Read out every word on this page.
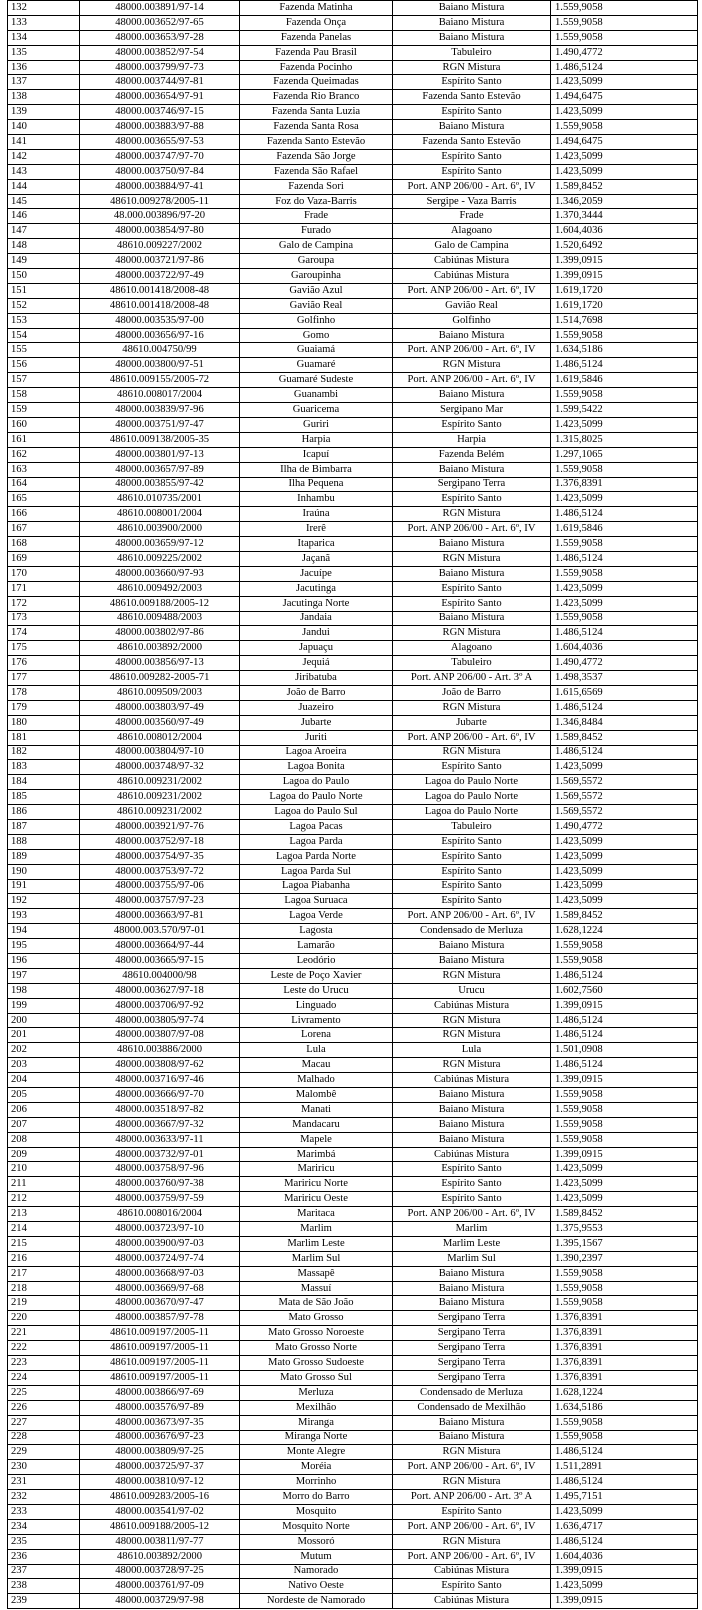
132	48000.003891/97-14	Fazenda Matinha	Baiano Mistura	1.559,9058
133	48000.003652/97-65	Fazenda Onça	Baiano Mistura	1.559,9058
134	48000.003653/97-28	Fazenda Panelas	Baiano Mistura	1.559,9058
135	48000.003852/97-54	Fazenda Pau Brasil	Tabuleiro	1.490,4772
136	48000.003799/97-73	Fazenda Pocinho	RGN Mistura	1.486,5124
137	48000.003744/97-81	Fazenda Queimadas	Espírito Santo	1.423,5099
138	48000.003654/97-91	Fazenda Rio Branco	Fazenda Santo Estevão	1.494,6475
139	48000.003746/97-15	Fazenda Santa Luzia	Espírito Santo	1.423,5099
140	48000.003883/97-88	Fazenda Santa Rosa	Baiano Mistura	1.559,9058
141	48000.003655/97-53	Fazenda Santo Estevão	Fazenda Santo Estevão	1.494,6475
142	48000.003747/97-70	Fazenda São Jorge	Espírito Santo	1.423,5099
143	48000.003750/97-84	Fazenda São Rafael	Espírito Santo	1.423,5099
144	48000.003884/97-41	Fazenda Sori	Port. ANP 206/00 - Art. 6º, IV	1.589,8452
145	48610.009278/2005-11	Foz do Vaza-Barris	Sergipe - Vaza Barris	1.346,2059
146	48.000.003896/97-20	Frade	Frade	1.370,3444
147	48000.003854/97-80	Furado	Alagoano	1.604,4036
148	48610.009227/2002	Galo de Campina	Galo de Campina	1.520,6492
149	48000.003721/97-86	Garoupa	Cabiúnas Mistura	1.399,0915
150	48000.003722/97-49	Garoupinha	Cabiúnas Mistura	1.399,0915
151	48610.001418/2008-48	Gavião Azul	Port. ANP 206/00 - Art. 6º, IV	1.619,1720
152	48610.001418/2008-48	Gavião Real	Gavião Real	1.619,1720
153	48000.003535/97-00	Golfinho	Golfinho	1.514,7698
154	48000.003656/97-16	Gomo	Baiano Mistura	1.559,9058
155	48610.004750/99	Guaiamá	Port. ANP 206/00 - Art. 6º, IV	1.634,5186
156	48000.003800/97-51	Guamaré	RGN Mistura	1.486,5124
157	48610.009155/2005-72	Guamaré Sudeste	Port. ANP 206/00 - Art. 6º, IV	1.619,5846
158	48610.008017/2004	Guanambi	Baiano Mistura	1.559,9058
159	48000.003839/97-96	Guaricema	Sergipano Mar	1.599,5422
160	48000.003751/97-47	Guriri	Espírito Santo	1.423,5099
161	48610.009138/2005-35	Harpia	Harpia	1.315,8025
162	48000.003801/97-13	Icapuí	Fazenda Belém	1.297,1065
163	48000.003657/97-89	Ilha de Bimbarra	Baiano Mistura	1.559,9058
164	48000.003855/97-42	Ilha Pequena	Sergipano Terra	1.376,8391
165	48610.010735/2001	Inhambu	Espírito Santo	1.423,5099
166	48610.008001/2004	Iraúna	RGN Mistura	1.486,5124
167	48610.003900/2000	Irerê	Port. ANP 206/00 - Art. 6º, IV	1.619,5846
168	48000.003659/97-12	Itaparica	Baiano Mistura	1.559,9058
169	48610.009225/2002	Jaçanã	RGN Mistura	1.486,5124
170	48000.003660/97-93	Jacuípe	Baiano Mistura	1.559,9058
171	48610.009492/2003	Jacutinga	Espírito Santo	1.423,5099
172	48610.009188/2005-12	Jacutinga Norte	Espírito Santo	1.423,5099
173	48610.009488/2003	Jandaia	Baiano Mistura	1.559,9058
174	48000.003802/97-86	Jandui	RGN Mistura	1.486,5124
175	48610.003892/2000	Japuaçu	Alagoano	1.604,4036
176	48000.003856/97-13	Jequiá	Tabuleiro	1.490,4772
177	48610.009282-2005-71	Jiribatuba	Port. ANP 206/00 - Art. 3º A	1.498,3537
178	48610.009509/2003	João de Barro	João de Barro	1.615,6569
179	48000.003803/97-49	Juazeiro	RGN Mistura	1.486,5124
180	48000.003560/97-49	Jubarte	Jubarte	1.346,8484
181	48610.008012/2004	Juriti	Port. ANP 206/00 - Art. 6º, IV	1.589,8452
182	48000.003804/97-10	Lagoa Aroeira	RGN Mistura	1.486,5124
183	48000.003748/97-32	Lagoa Bonita	Espírito Santo	1.423,5099
184	48610.009231/2002	Lagoa do Paulo	Lagoa do Paulo Norte	1.569,5572
185	48610.009231/2002	Lagoa do Paulo Norte	Lagoa do Paulo Norte	1.569,5572
186	48610.009231/2002	Lagoa do Paulo Sul	Lagoa do Paulo Norte	1.569,5572
187	48000.003921/97-76	Lagoa Pacas	Tabuleiro	1.490,4772
188	48000.003752/97-18	Lagoa Parda	Espírito Santo	1.423,5099
189	48000.003754/97-35	Lagoa Parda Norte	Espírito Santo	1.423,5099
190	48000.003753/97-72	Lagoa Parda Sul	Espírito Santo	1.423,5099
191	48000.003755/97-06	Lagoa Piabanha	Espírito Santo	1.423,5099
192	48000.003757/97-23	Lagoa Suruaca	Espírito Santo	1.423,5099
193	48000.003663/97-81	Lagoa Verde	Port. ANP 206/00 - Art. 6º, IV	1.589,8452
194	48000.003.570/97-01	Lagosta	Condensado de Merluza	1.628,1224
195	48000.003664/97-44	Lamarão	Baiano Mistura	1.559,9058
196	48000.003665/97-15	Leodório	Baiano Mistura	1.559,9058
197	48610.004000/98	Leste de Poço Xavier	RGN Mistura	1.486,5124
198	48000.003627/97-18	Leste do Urucu	Urucu	1.602,7560
199	48000.003706/97-92	Linguado	Cabiúnas Mistura	1.399,0915
200	48000.003805/97-74	Livramento	RGN Mistura	1.486,5124
201	48000.003807/97-08	Lorena	RGN Mistura	1.486,5124
202	48610.003886/2000	Lula	Lula	1.501,0908
203	48000.003808/97-62	Macau	RGN Mistura	1.486,5124
204	48000.003716/97-46	Malhado	Cabiúnas Mistura	1.399,0915
205	48000.003666/97-70	Malombê	Baiano Mistura	1.559,9058
206	48000.003518/97-82	Manati	Baiano Mistura	1.559,9058
207	48000.003667/97-32	Mandacaru	Baiano Mistura	1.559,9058
208	48000.003633/97-11	Mapele	Baiano Mistura	1.559,9058
209	48000.003732/97-01	Marimbá	Cabiúnas Mistura	1.399,0915
210	48000.003758/97-96	Mariricu	Espírito Santo	1.423,5099
211	48000.003760/97-38	Mariricu Norte	Espírito Santo	1.423,5099
212	48000.003759/97-59	Mariricu Oeste	Espírito Santo	1.423,5099
213	48610.008016/2004	Maritaca	Port. ANP 206/00 - Art. 6º, IV	1.589,8452
214	48000.003723/97-10	Marlim	Marlim	1.375,9553
215	48000.003900/97-03	Marlim Leste	Marlim Leste	1.395,1567
216	48000.003724/97-74	Marlim Sul	Marlim Sul	1.390,2397
217	48000.003668/97-03	Massapê	Baiano Mistura	1.559,9058
218	48000.003669/97-68	Massuí	Baiano Mistura	1.559,9058
219	48000.003670/97-47	Mata de São João	Baiano Mistura	1.559,9058
220	48000.003857/97-78	Mato Grosso	Sergipano Terra	1.376,8391
221	48610.009197/2005-11	Mato Grosso Noroeste	Sergipano Terra	1.376,8391
222	48610.009197/2005-11	Mato Grosso Norte	Sergipano Terra	1.376,8391
223	48610.009197/2005-11	Mato Grosso Sudoeste	Sergipano Terra	1.376,8391
224	48610.009197/2005-11	Mato Grosso Sul	Sergipano Terra	1.376,8391
225	48000.003866/97-69	Merluza	Condensado de Merluza	1.628,1224
226	48000.003576/97-89	Mexilhão	Condensado de Mexilhão	1.634,5186
227	48000.003673/97-35	Miranga	Baiano Mistura	1.559,9058
228	48000.003676/97-23	Miranga Norte	Baiano Mistura	1.559,9058
229	48000.003809/97-25	Monte Alegre	RGN Mistura	1.486,5124
230	48000.003725/97-37	Moréia	Port. ANP 206/00 - Art. 6º, IV	1.511,2891
231	48000.003810/97-12	Morrinho	RGN Mistura	1.486,5124
232	48610.009283/2005-16	Morro do Barro	Port. ANP 206/00 - Art. 3º A	1.495,7151
233	48000.003541/97-02	Mosquito	Espírito Santo	1.423,5099
234	48610.009188/2005-12	Mosquito Norte	Port. ANP 206/00 - Art. 6º, IV	1.636,4717
235	48000.003811/97-77	Mossoró	RGN Mistura	1.486,5124
236	48610.003892/2000	Mutum	Port. ANP 206/00 - Art. 6º, IV	1.604,4036
237	48000.003728/97-25	Namorado	Cabiúnas Mistura	1.399,0915
238	48000.003761/97-09	Nativo Oeste	Espírito Santo	1.423,5099
239	48000.003729/97-98	Nordeste de Namorado	Cabiúnas Mistura	1.399,0915
